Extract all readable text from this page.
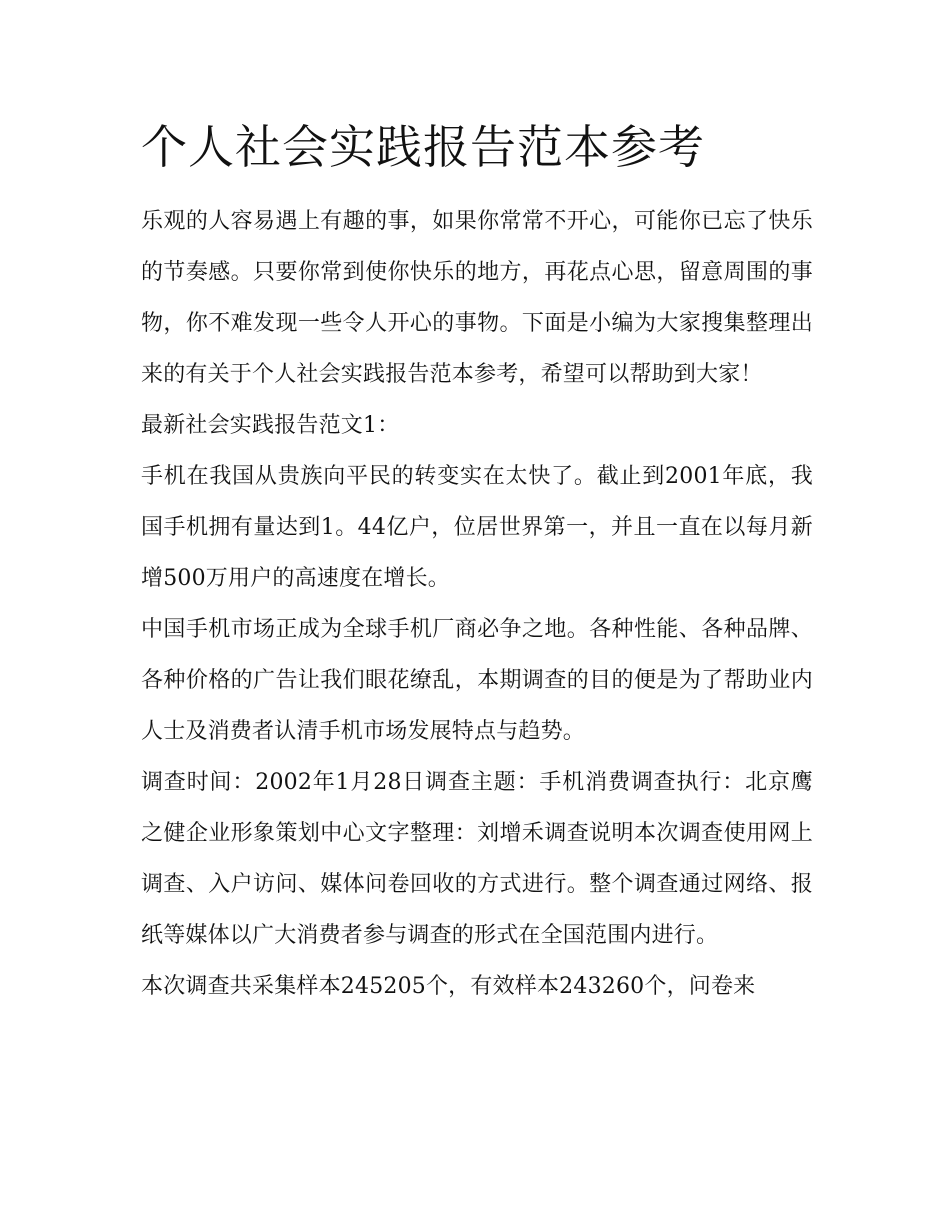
个人社会实践报告范本参考

乐观的人容易遇上有趣的事，如果你常常不开心，可能你已忘了快乐的节奏感。只要你常到使你快乐的地方，再花点心思，留意周围的事物，你不难发现一些令人开心的事物。下面是小编为大家搜集整理出来的有关于个人社会实践报告范本参考，希望可以帮助到大家！

最新社会实践报告范文1：

手机在我国从贵族向平民的转变实在太快了。截止到2001年底，我国手机拥有量达到1。44亿户，位居世界第一，并且一直在以每月新增500万用户的高速度在增长。

中国手机市场正成为全球手机厂商必争之地。各种性能、各种品牌、各种价格的广告让我们眼花缭乱，本期调查的目的便是为了帮助业内人士及消费者认清手机市场发展特点与趋势。

调查时间：2002年1月28日调查主题：手机消费调查执行：北京鹰之健企业形象策划中心文字整理：刘增禾调查说明本次调查使用网上调查、入户访问、媒体问卷回收的方式进行。整个调查通过网络、报纸等媒体以广大消费者参与调查的形式在全国范围内进行。

本次调查共采集样本245205个，有效样本243260个，问卷来
